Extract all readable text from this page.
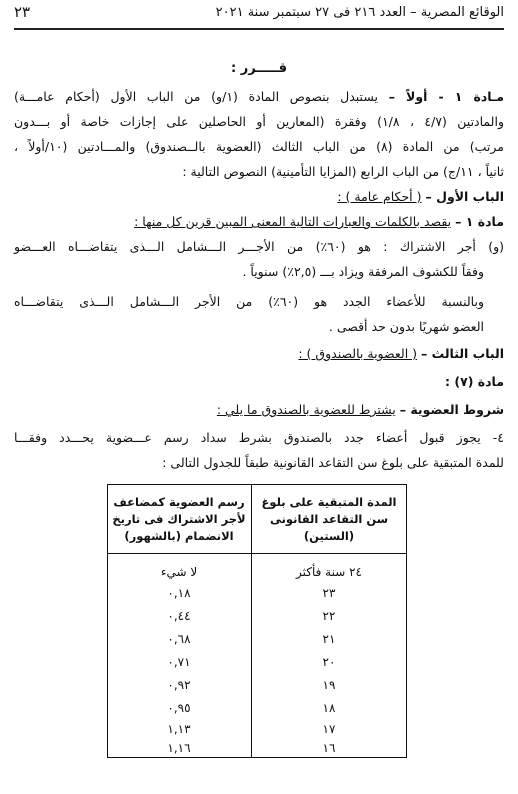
الوقائع المصرية – العدد ٢١٦ فى ٢٧ سبتمبر سنة ٢٠٢١
٢٣
قـــــرر :
مـادة ١ - أولاً – يستبدل بنصوص المادة (١/و) من الباب الأول (أحكام عامـــة)
والمادتين (٤/٧ ، ١/٨) وفقرة (المعارين أو الحاصلين على إجازات خاصة أو بـــدون
مرتب) من المادة (٨) من الباب الثالث (العضوية بالــصندوق) والمـــادتين (١٠/أولاً ،
ثانياً ، ١١/ج) من الباب الرابع (المزايا التأمينية) النصوص التالية :
الباب الأول – ( أحكام عامة ) :
مادة ١ – يقصد بالكلمات والعبارات التالية المعنى المبين قرين كل منها :
(و) أجر الاشتراك : هو (٦٠٪) من الأجـــر الـــشامل الـــذى يتقاضـــاه العـــضو
وفقاً للكشوف المرفقة ويزاد بـــ (٢,٥٪) سنوياً .
وبالنسبة للأعضاء الجدد هو (٦٠٪) من الأجر الـــشامل الـــذى يتقاضـــاه
العضو شهريًا بدون حد أقصى .
الباب الثالث – ( العضوية بالصندوق ) :
مادة (٧) :
شروط العضوية – يشترط للعضوية بالصندوق ما يلي :
٤- يجوز قبول أعضاء جدد بالصندوق بشرط سداد رسم عـــضوية يحـــدد وفقـــا
للمدة المتبقية على بلوغ سن التقاعد القانونية طبقاً للجدول التالى :
المدة المتبقية على بلوغ سن التقاعد القانونى (الستين)
رسم العضوية كمضاعف لأجر الاشتراك فى تاريخ الانضمام (بالشهور)
٢٤ سنة فأكثر
لا شيء
٢٣
٠,١٨
٢٢
٠,٤٤
٢١
٠,٦٨
٢٠
٠,٧١
١٩
٠,٩٢
١٨
٠,٩٥
١٧
١,١٣
١٦
١,١٦
